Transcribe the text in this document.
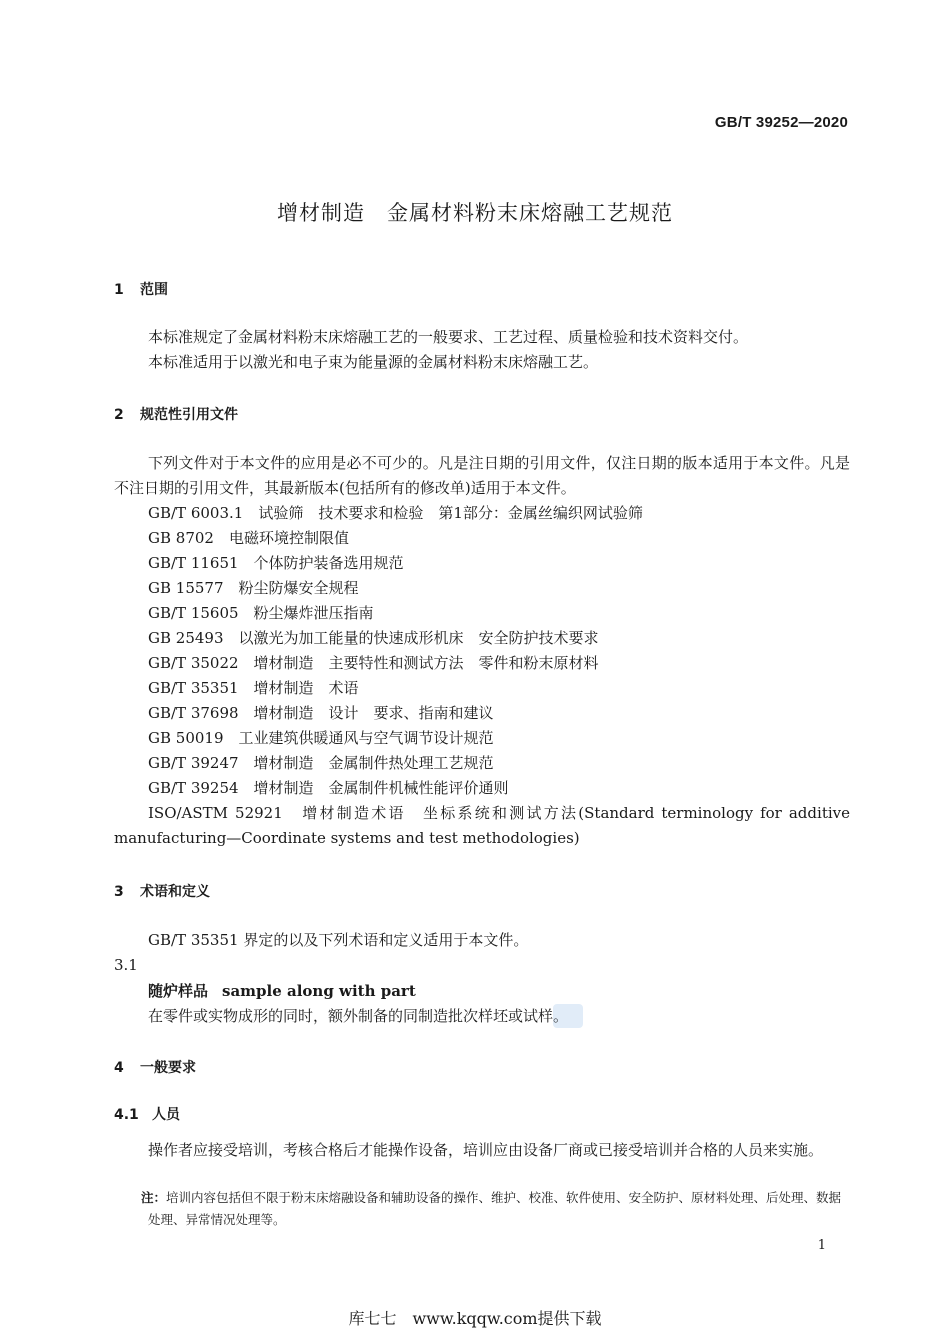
GB/T 39252—2020
增材制造　金属材料粉末床熔融工艺规范
1 范围
本标准规定了金属材料粉末床熔融工艺的一般要求、工艺过程、质量检验和技术资料交付。
本标准适用于以激光和电子束为能量源的金属材料粉末床熔融工艺。
2 规范性引用文件
下列文件对于本文件的应用是必不可少的。凡是注日期的引用文件，仅注日期的版本适用于本文件。凡是不注日期的引用文件，其最新版本(包括所有的修改单)适用于本文件。
GB/T 6003.1　试验筛　技术要求和检验　第1部分：金属丝编织网试验筛
GB 8702　电磁环境控制限值
GB/T 11651　个体防护装备选用规范
GB 15577　粉尘防爆安全规程
GB/T 15605　粉尘爆炸泄压指南
GB 25493　以激光为加工能量的快速成形机床　安全防护技术要求
GB/T 35022　增材制造　主要特性和测试方法　零件和粉末原材料
GB/T 35351　增材制造　术语
GB/T 37698　增材制造　设计　要求、指南和建议
GB 50019　工业建筑供暖通风与空气调节设计规范
GB/T 39247　增材制造　金属制件热处理工艺规范
GB/T 39254　增材制造　金属制件机械性能评价通则
ISO/ASTM 52921　增材制造术语　坐标系统和测试方法(Standard terminology for additive manufacturing—Coordinate systems and test methodologies)
3 术语和定义
GB/T 35351 界定的以及下列术语和定义适用于本文件。
3.1
随炉样品 sample along with part
在零件或实物成形的同时，额外制备的同制造批次样坯或试样。
4 一般要求
4.1 人员
操作者应接受培训，考核合格后才能操作设备，培训应由设备厂商或已接受培训并合格的人员来实施。
注：培训内容包括但不限于粉末床熔融设备和辅助设备的操作、维护、校准、软件使用、安全防护、原材料处理、后处理、数据处理、异常情况处理等。
1
库七七　www.kqqw.com提供下载
